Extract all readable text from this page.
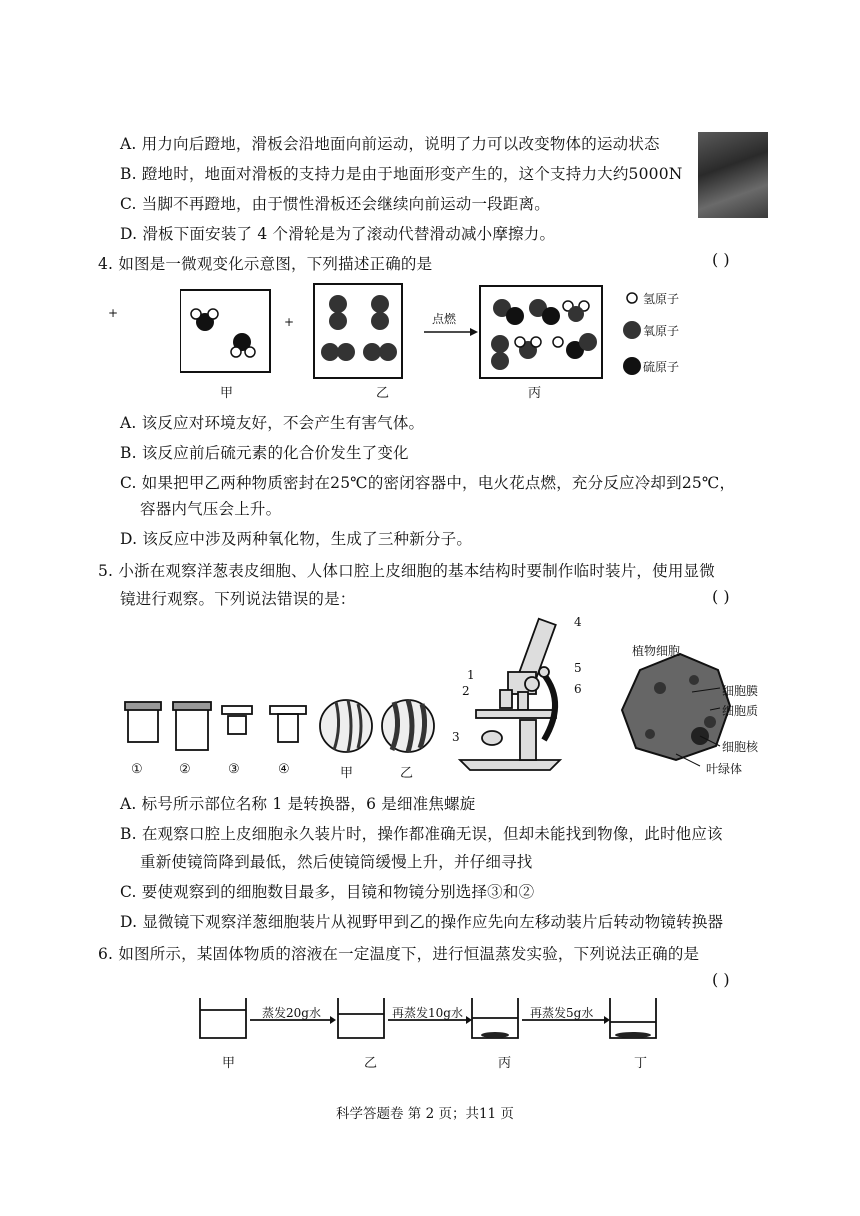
A. 用力向后蹬地，滑板会沿地面向前运动，说明了力可以改变物体的运动状态
B. 蹬地时，地面对滑板的支持力是由于地面形变产生的，这个支持力大约5000N
C. 当脚不再蹬地，由于惯性滑板还会继续向前运动一段距离。
D. 滑板下面安装了 4 个滑轮是为了滚动代替滑动减小摩擦力。
4. 如图是一微观变化示意图，下列描述正确的是	( )
+
+	点燃
氢原子
氧原子
硫原子
甲	乙	丙
A. 该反应对环境友好，不会产生有害气体。
B. 该反应前后硫元素的化合价发生了变化
C. 如果把甲乙两种物质密封在25℃的密闭容器中，电火花点燃，充分反应冷却到25℃，
容器内气压会上升。
D. 该反应中涉及两种氧化物，生成了三种新分子。
5. 小浙在观察洋葱表皮细胞、人体口腔上皮细胞的基本结构时要制作临时装片，使用显微
镜进行观察。下列说法错误的是：	( )
4
5
6
1
2
3
植物细胞
细胞膜
细胞质
细胞核
叶绿体
①	②	③	④	甲	乙
A. 标号所示部位名称 1 是转换器，6 是细准焦螺旋
B. 在观察口腔上皮细胞永久装片时，操作都准确无误，但却未能找到物像，此时他应该
重新使镜筒降到最低，然后使镜筒缓慢上升，并仔细寻找
C. 要使观察到的细胞数目最多，目镜和物镜分别选择③和②
D. 显微镜下观察洋葱细胞装片从视野甲到乙的操作应先向左移动装片后转动物镜转换器
6. 如图所示，某固体物质的溶液在一定温度下，进行恒温蒸发实验，下列说法正确的是
( )
蒸发20g水	再蒸发10g水	再蒸发5g水
甲	乙	丙	丁
科学答题卷 第 2 页；共11 页
